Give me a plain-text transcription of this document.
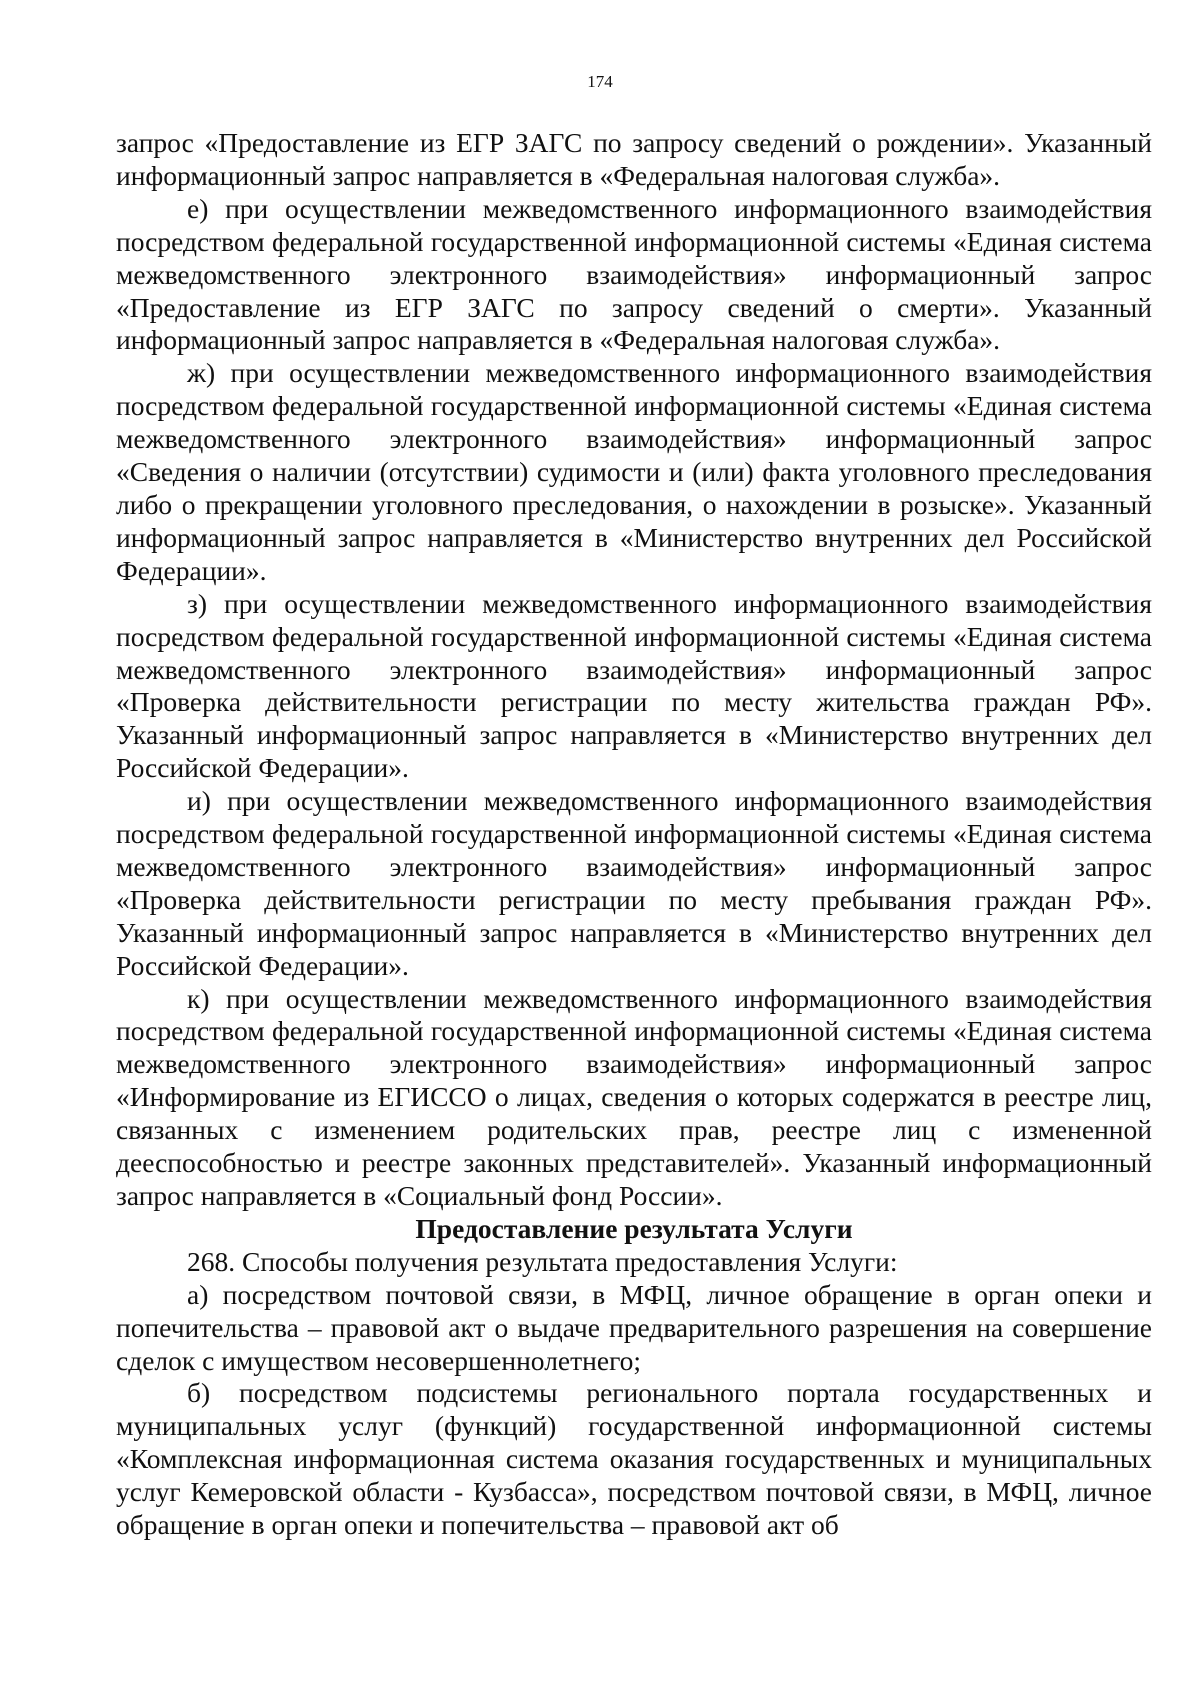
174

запрос «Предоставление из ЕГР ЗАГС по запросу сведений о рождении». Указанный информационный запрос направляется в «Федеральная налоговая служба».

е) при осуществлении межведомственного информационного взаимодействия посредством федеральной государственной информационной системы «Единая система межведомственного электронного взаимодействия» информационный запрос «Предоставление из ЕГР ЗАГС по запросу сведений о смерти». Указанный информационный запрос направляется в «Федеральная налоговая служба».

ж) при осуществлении межведомственного информационного взаимодействия посредством федеральной государственной информационной системы «Единая система межведомственного электронного взаимодействия» информационный запрос «Сведения о наличии (отсутствии) судимости и (или) факта уголовного преследования либо о прекращении уголовного преследования, о нахождении в розыске». Указанный информационный запрос направляется в «Министерство внутренних дел Российской Федерации».

з) при осуществлении межведомственного информационного взаимодействия посредством федеральной государственной информационной системы «Единая система межведомственного электронного взаимодействия» информационный запрос «Проверка действительности регистрации по месту жительства граждан РФ». Указанный информационный запрос направляется в «Министерство внутренних дел Российской Федерации».

и) при осуществлении межведомственного информационного взаимодействия посредством федеральной государственной информационной системы «Единая система межведомственного электронного взаимодействия» информационный запрос «Проверка действительности регистрации по месту пребывания граждан РФ». Указанный информационный запрос направляется в «Министерство внутренних дел Российской Федерации».

к) при осуществлении межведомственного информационного взаимодействия посредством федеральной государственной информационной системы «Единая система межведомственного электронного взаимодействия» информационный запрос «Информирование из ЕГИССО о лицах, сведения о которых содержатся в реестре лиц, связанных с изменением родительских прав, реестре лиц с измененной дееспособностью и реестре законных представителей». Указанный информационный запрос направляется в «Социальный фонд России».

Предоставление результата Услуги

268. Способы получения результата предоставления Услуги:

а) посредством почтовой связи, в МФЦ, личное обращение в орган опеки и попечительства – правовой акт о выдаче предварительного разрешения на совершение сделок с имуществом несовершеннолетнего;

б) посредством подсистемы регионального портала государственных и муниципальных услуг (функций) государственной информационной системы «Комплексная информационная система оказания государственных и муниципальных услуг Кемеровской области - Кузбасса», посредством почтовой связи, в МФЦ, личное обращение в орган опеки и попечительства – правовой акт об
